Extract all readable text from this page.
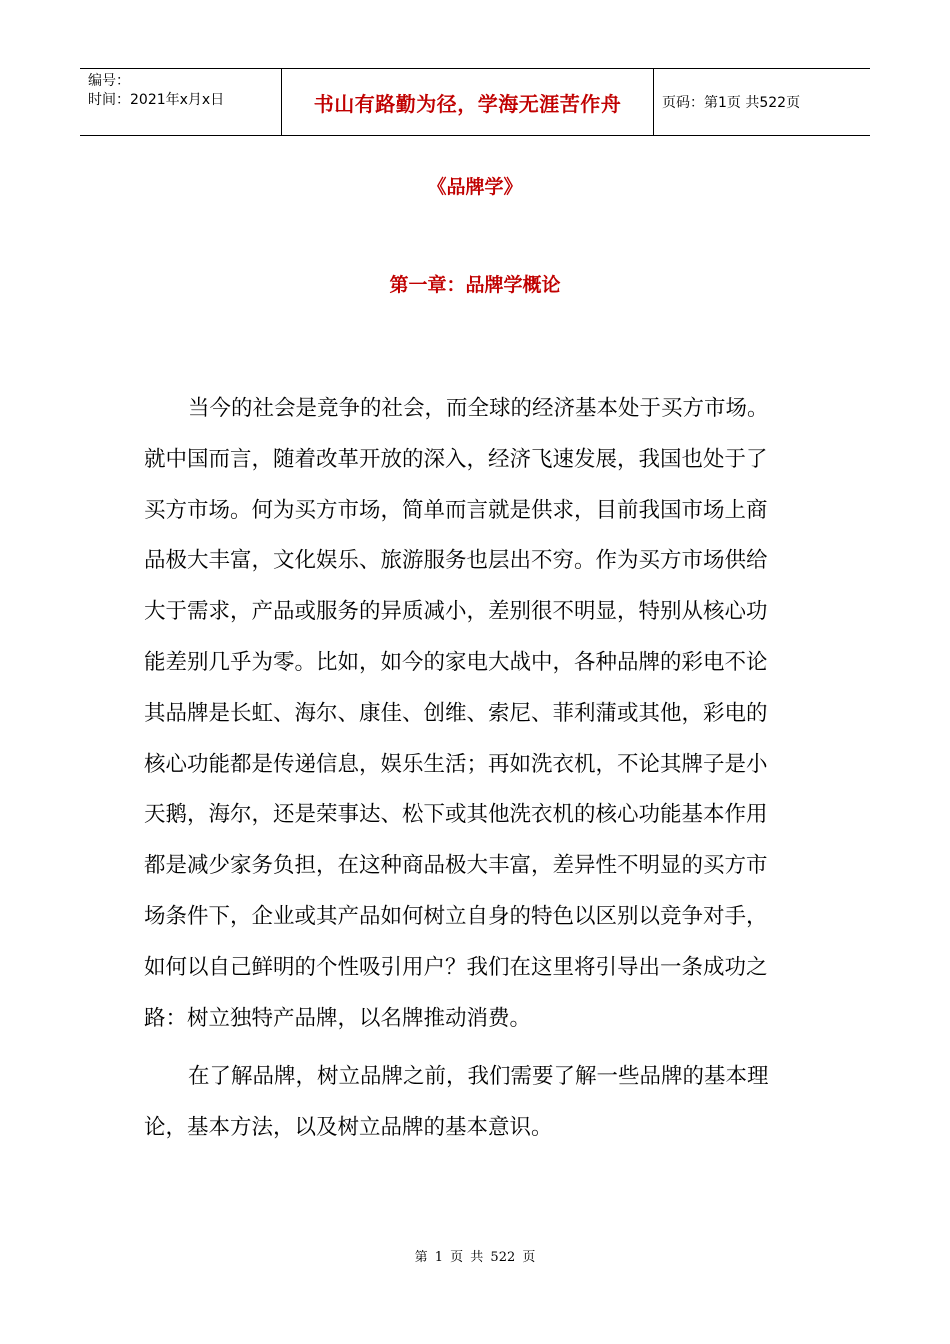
编号：
时间：2021年x月x日	书山有路勤为径，学海无涯苦作舟	页码：第1页 共522页
《品牌学》
第一章：品牌学概论
当今的社会是竞争的社会，而全球的经济基本处于买方市场。
就中国而言，随着改革开放的深入，经济飞速发展，我国也处于了
买方市场。何为买方市场，简单而言就是供求，目前我国市场上商
品极大丰富，文化娱乐、旅游服务也层出不穷。作为买方市场供给
大于需求，产品或服务的异质减小，差别很不明显，特别从核心功
能差别几乎为零。比如，如今的家电大战中，各种品牌的彩电不论
其品牌是长虹、海尔、康佳、创维、索尼、菲利蒲或其他，彩电的
核心功能都是传递信息，娱乐生活；再如洗衣机，不论其牌子是小
天鹅，海尔，还是荣事达、松下或其他洗衣机的核心功能基本作用
都是减少家务负担，在这种商品极大丰富，差异性不明显的买方市
场条件下，企业或其产品如何树立自身的特色以区别以竞争对手，
如何以自己鲜明的个性吸引用户？我们在这里将引导出一条成功之
路：树立独特产品牌，以名牌推动消费。
在了解品牌，树立品牌之前，我们需要了解一些品牌的基本理
论，基本方法，以及树立品牌的基本意识。
第 1 页 共 522 页
